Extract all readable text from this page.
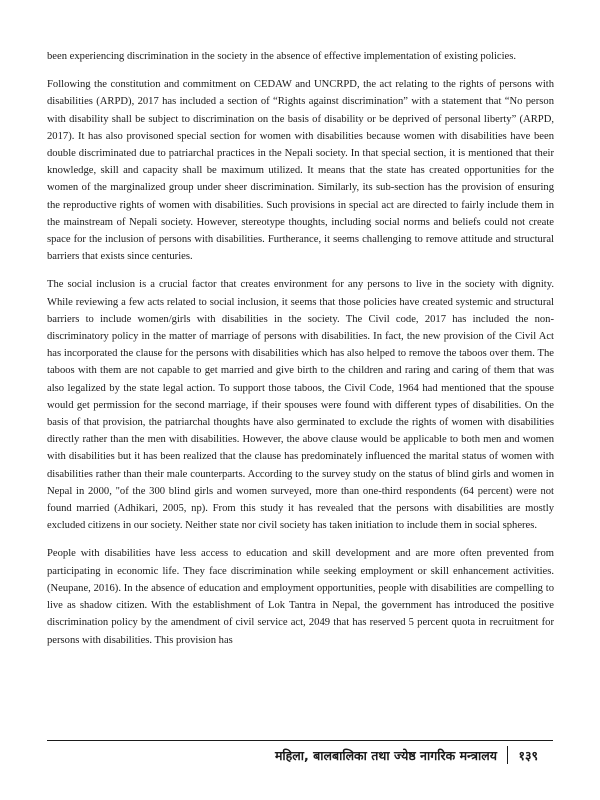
been experiencing discrimination in the society in the absence of effective implementation of existing policies.

Following the constitution and commitment on CEDAW and UNCRPD, the act relating to the rights of persons with disabilities (ARPD), 2017 has included a section of “Rights against discrimination” with a statement that “No person with disability shall be subject to discrimination on the basis of disability or be deprived of personal liberty” (ARPD, 2017). It has also provisoned special section for women with disabilities because women with disabilities have been double discriminated due to patriarchal practices in the Nepali society. In that special section, it is mentioned that their knowledge, skill and capacity shall be maximum utilized. It means that the state has created opportunities for the women of the marginalized group under sheer discrimination. Similarly, its sub-section has the provision of ensuring the reproductive rights of women with disabilities. Such provisions in special act are directed to fairly include them in the mainstream of Nepali society. However, stereotype thoughts, including social norms and beliefs could not create space for the inclusion of persons with disabilities. Furtherance, it seems challenging to remove attitude and structural barriers that exists since centuries.

The social inclusion is a crucial factor that creates environment for any persons to live in the society with dignity. While reviewing a few acts related to social inclusion, it seems that those policies have created systemic and structural barriers to include women/girls with disabilities in the society. The Civil code, 2017 has included the non-discriminatory policy in the matter of marriage of persons with disabilities. In fact, the new provision of the Civil Act has incorporated the clause for the persons with disabilities which has also helped to remove the taboos over them. The taboos with them are not capable to get married and give birth to the children and raring and caring of them that was also legalized by the state legal action. To support those taboos, the Civil Code, 1964 had mentioned that the spouse would get permission for the second marriage, if their spouses were found with different types of disabilities. On the basis of that provision, the patriarchal thoughts have also germinated to exclude the rights of women with disabilities directly rather than the men with disabilities. However, the above clause would be applicable to both men and women with disabilities but it has been realized that the clause has predominately influenced the marital status of women with disabilities rather than their male counterparts. According to the survey study on the status of blind girls and women in Nepal in 2000, "of the 300 blind girls and women surveyed, more than one-third respondents (64 percent) were not found married (Adhikari, 2005, np). From this study it has revealed that the persons with disabilities are mostly excluded citizens in our society. Neither state nor civil society has taken initiation to include them in social spheres.

People with disabilities have less access to education and skill development and are more often prevented from participating in economic life. They face discrimination while seeking employment or skill enhancement activities. (Neupane, 2016). In the absence of education and employment opportunities, people with disabilities are compelling to live as shadow citizen. With the establishment of Lok Tantra in Nepal, the government has introduced the positive discrimination policy by the amendment of civil service act, 2049 that has reserved 5 percent quota in recruitment for persons with disabilities. This provision has

महिला, बालबालिका तथा ज्येष्ठ नागरिक मन्त्रालय १३९
